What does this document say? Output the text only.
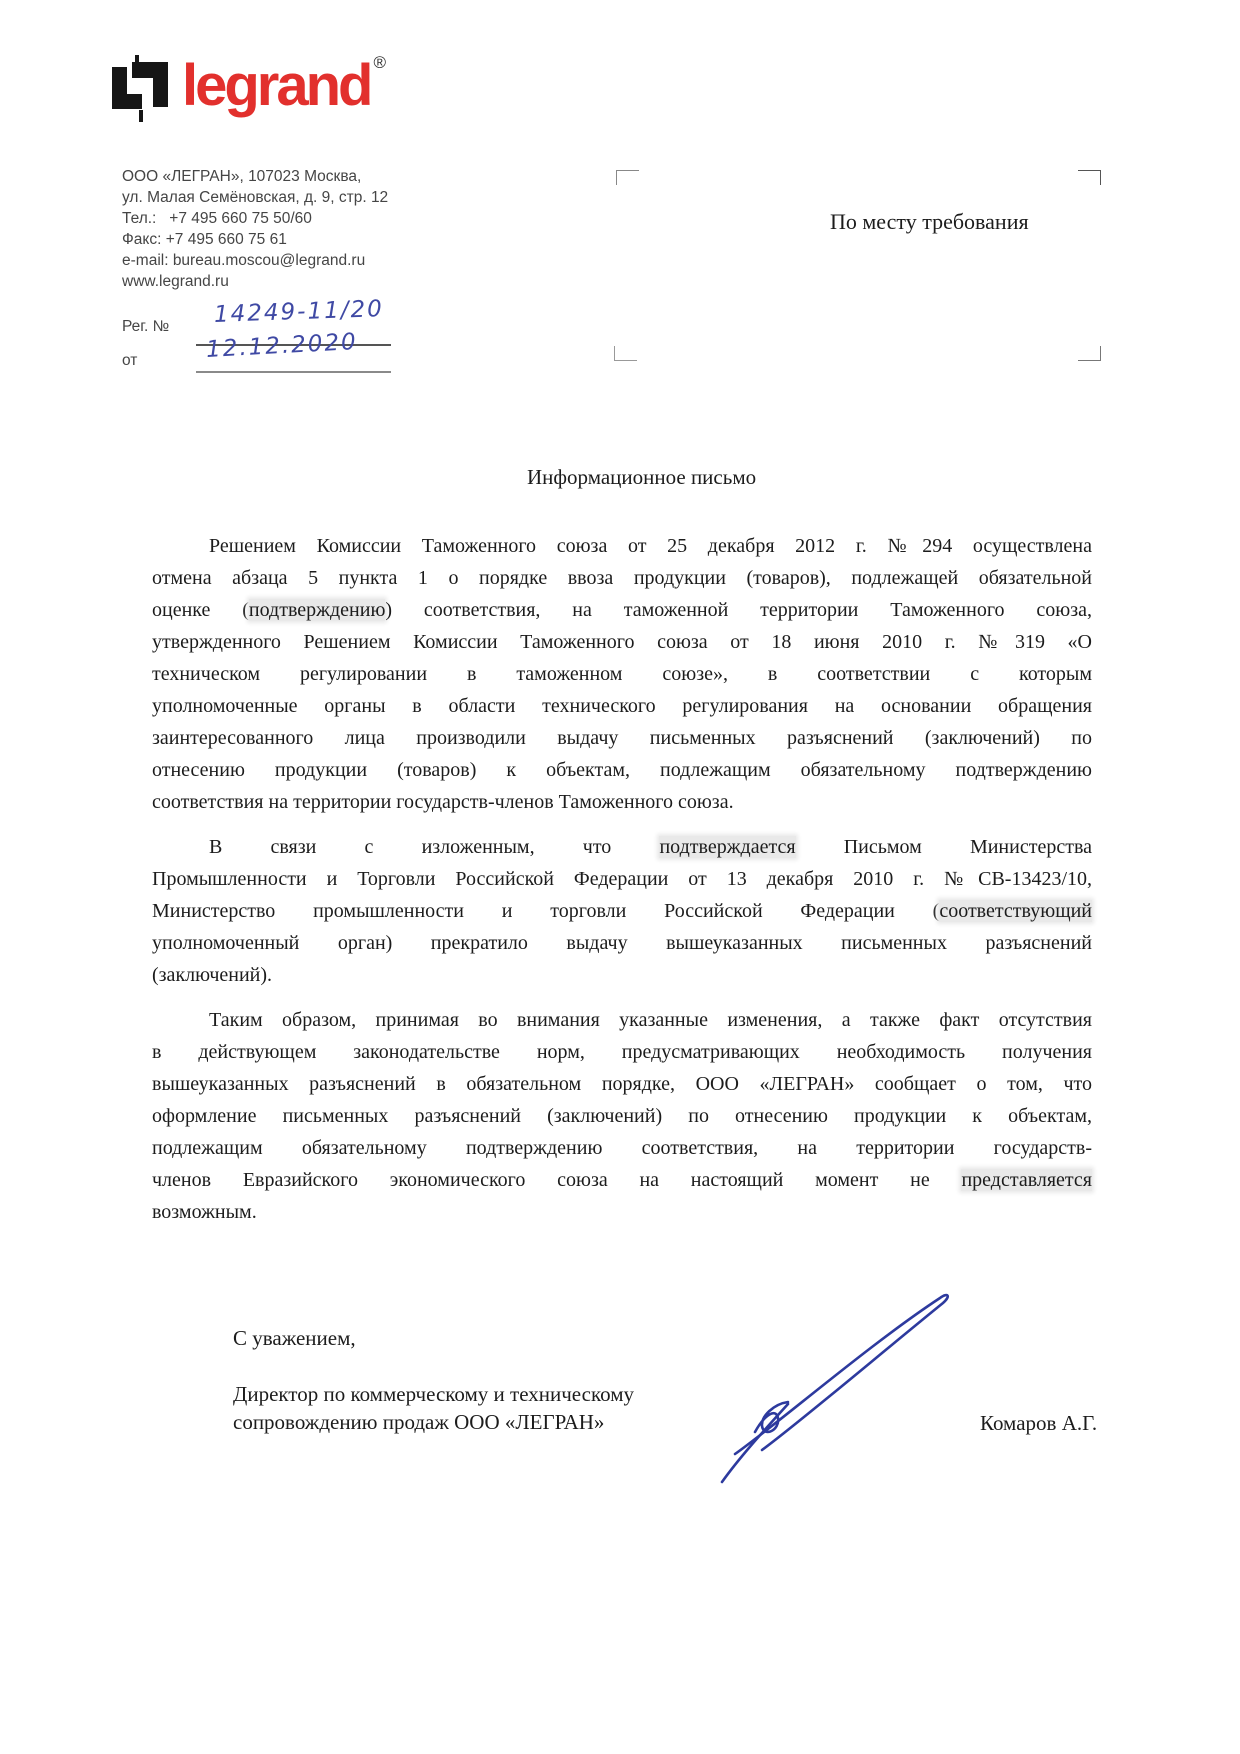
legrand ®
ООО «ЛЕГРАН», 107023 Москва,
ул. Малая Семёновская, д. 9, стр. 12
Тел.:   +7 495 660 75 50/60
Факс: +7 495 660 75 61
e-mail: bureau.moscou@legrand.ru
www.legrand.ru
Рег. № 14249-11/20
от	12.12.2020
По месту требования
Информационное письмо
Решением Комиссии Таможенного союза от 25 декабря 2012 г. №294 осуществлена
отмена абзаца 5 пункта 1 о порядке ввоза продукции (товаров), подлежащей обязательной
оценке (подтверждению) соответствия, на таможенной территории Таможенного союза,
утвержденного Решением Комиссии Таможенного союза от 18 июня 2010 г. №319 «О
техническом регулировании в таможенном союзе», в соответствии с которым
уполномоченные органы в области технического регулирования на основании обращения
заинтересованного лица производили выдачу письменных разъяснений (заключений) по
отнесению продукции (товаров) к объектам, подлежащим обязательному подтверждению
соответствия на территории государств-членов Таможенного союза.
В связи с изложенным, что подтверждается Письмом Министерства
Промышленности и Торговли Российской Федерации от 13 декабря 2010 г. №СВ-13423/10,
Министерство промышленности и торговли Российской Федерации (соответствующий
уполномоченный орган) прекратило выдачу вышеуказанных письменных разъяснений
(заключений).
Таким образом, принимая во внимания указанные изменения, а также факт отсутствия
в действующем законодательстве норм, предусматривающих необходимость получения
вышеуказанных разъяснений в обязательном порядке, ООО «ЛЕГРАН» сообщает о том, что
оформление письменных разъяснений (заключений) по отнесению продукции к объектам,
подлежащим обязательному подтверждению соответствия, на территории государств-
членов Евразийского экономического союза на настоящий момент не представляется
возможным.
С уважением,
Директор по коммерческому и техническому
сопровождению продаж ООО «ЛЕГРАН»	Комаров А.Г.
